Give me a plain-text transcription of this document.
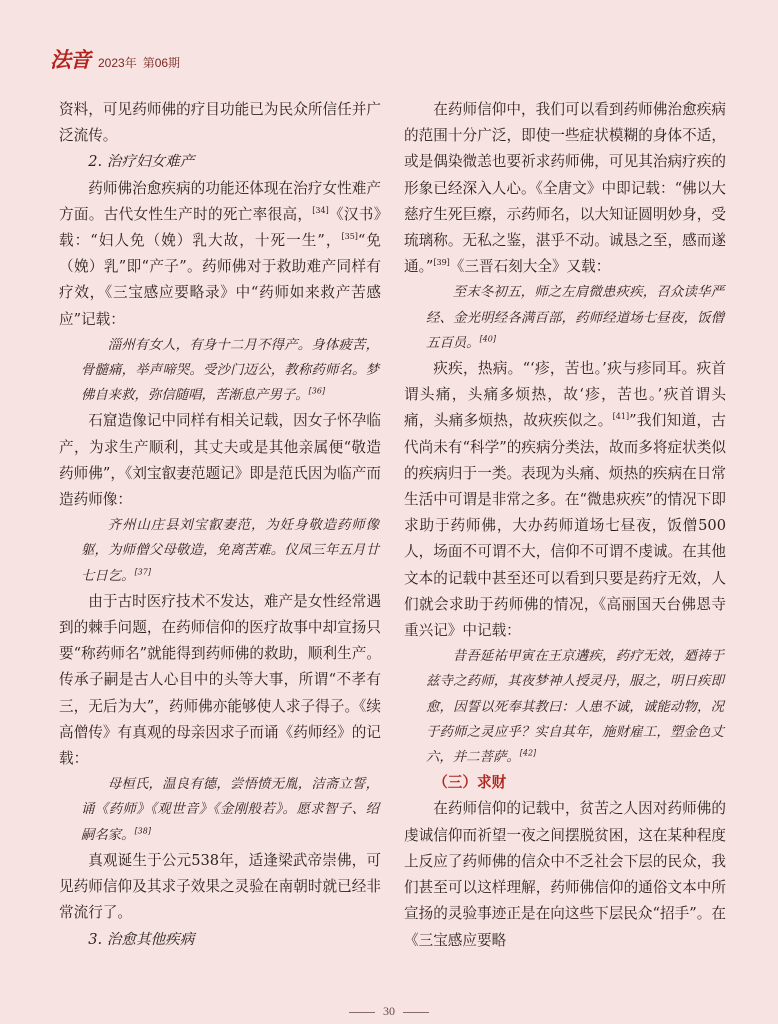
法音 2023年 第06期

资料，可见药师佛的疗目功能已为民众所信任并广泛流传。

2. 治疗妇女难产

药师佛治愈疾病的功能还体现在治疗女性难产方面。古代女性生产时的死亡率很高，[34]《汉书》载：“妇人免（娩）乳大故，十死一生”，[35]“免（娩）乳”即“产子”。药师佛对于救助难产同样有疗效，《三宝感应要略录》中“药师如来救产苦感应”记载：

淄州有女人，有身十二月不得产。身体疲苦，骨髓痛，举声啼哭。受沙门迈公，教称药师名。梦佛自来救，弥信随唱，苦渐息产男子。[36]

石窟造像记中同样有相关记载，因女子怀孕临产，为求生产顺利，其丈夫或是其他亲属便“敬造药师佛”，《刘宝叡妻范题记》即是范氏因为临产而造药师像：

齐州山庄县刘宝叡妻范，为妊身敬造药师像躯，为师僧父母敬造，免离苦难。仪凤三年五月廿七日乞。[37]

由于古时医疗技术不发达，难产是女性经常遇到的棘手问题，在药师信仰的医疗故事中却宣扬只要“称药师名”就能得到药师佛的救助，顺利生产。传承子嗣是古人心目中的头等大事，所谓“不孝有三，无后为大”，药师佛亦能够使人求子得子。《续高僧传》有真观的母亲因求子而诵《药师经》的记载：

母桓氏，温良有德，尝悟愤无胤，洁斋立誓，诵《药师》《观世音》《金刚般若》。愿求智子、绍嗣名家。[38]

真观诞生于公元538年，适逢梁武帝崇佛，可见药师信仰及其求子效果之灵验在南朝时就已经非常流行了。

3. 治愈其他疾病

在药师信仰中，我们可以看到药师佛治愈疾病的范围十分广泛，即使一些症状模糊的身体不适，或是偶染微恙也要祈求药师佛，可见其治病疗疾的形象已经深入人心。《全唐文》中即记载：“佛以大慈疗生死巨瘵，示药师名，以大知证圆明妙身，受琉璃称。无私之鉴，湛乎不动。诚恳之至，感而遂通。”[39]《三晋石刻大全》又载：

至末冬初五，师之左肩微患疢疾，召众读华严经、金光明经各满百部，药师经道场七昼夜，饭僧五百员。[40]

疢疾，热病。“‘疹，苦也。’疢与疹同耳。疢首谓头痛，头痛多烦热，故‘疹，苦也。’疢首谓头痛，头痛多烦热，故疢疾似之。[41]”我们知道，古代尚未有“科学”的疾病分类法，故而多将症状类似的疾病归于一类。表现为头痛、烦热的疾病在日常生活中可谓是非常之多。在“微患疢疾”的情况下即求助于药师佛，大办药师道场七昼夜，饭僧500人，场面不可谓不大，信仰不可谓不虔诚。在其他文本的记载中甚至还可以看到只要是药疗无效，人们就会求助于药师佛的情况，《高丽国天台佛恩寺重兴记》中记载：

昔吾延祐甲寅在王京遘疾，药疗无效，廼祷于兹寺之药师，其夜梦神人授灵丹，服之，明日疾即愈，因誓以死奉其教曰：人患不诚，诚能动物，况于药师之灵应乎？实自其年，施财雇工，塑金色丈六，并二菩萨。[42]

（三）求财

在药师信仰的记载中，贫苦之人因对药师佛的虔诚信仰而祈望一夜之间摆脱贫困，这在某种程度上反应了药师佛的信众中不乏社会下层的民众，我们甚至可以这样理解，药师佛信仰的通俗文本中所宣扬的灵验事迹正是在向这些下层民众“招手”。在《三宝感应要略

30
